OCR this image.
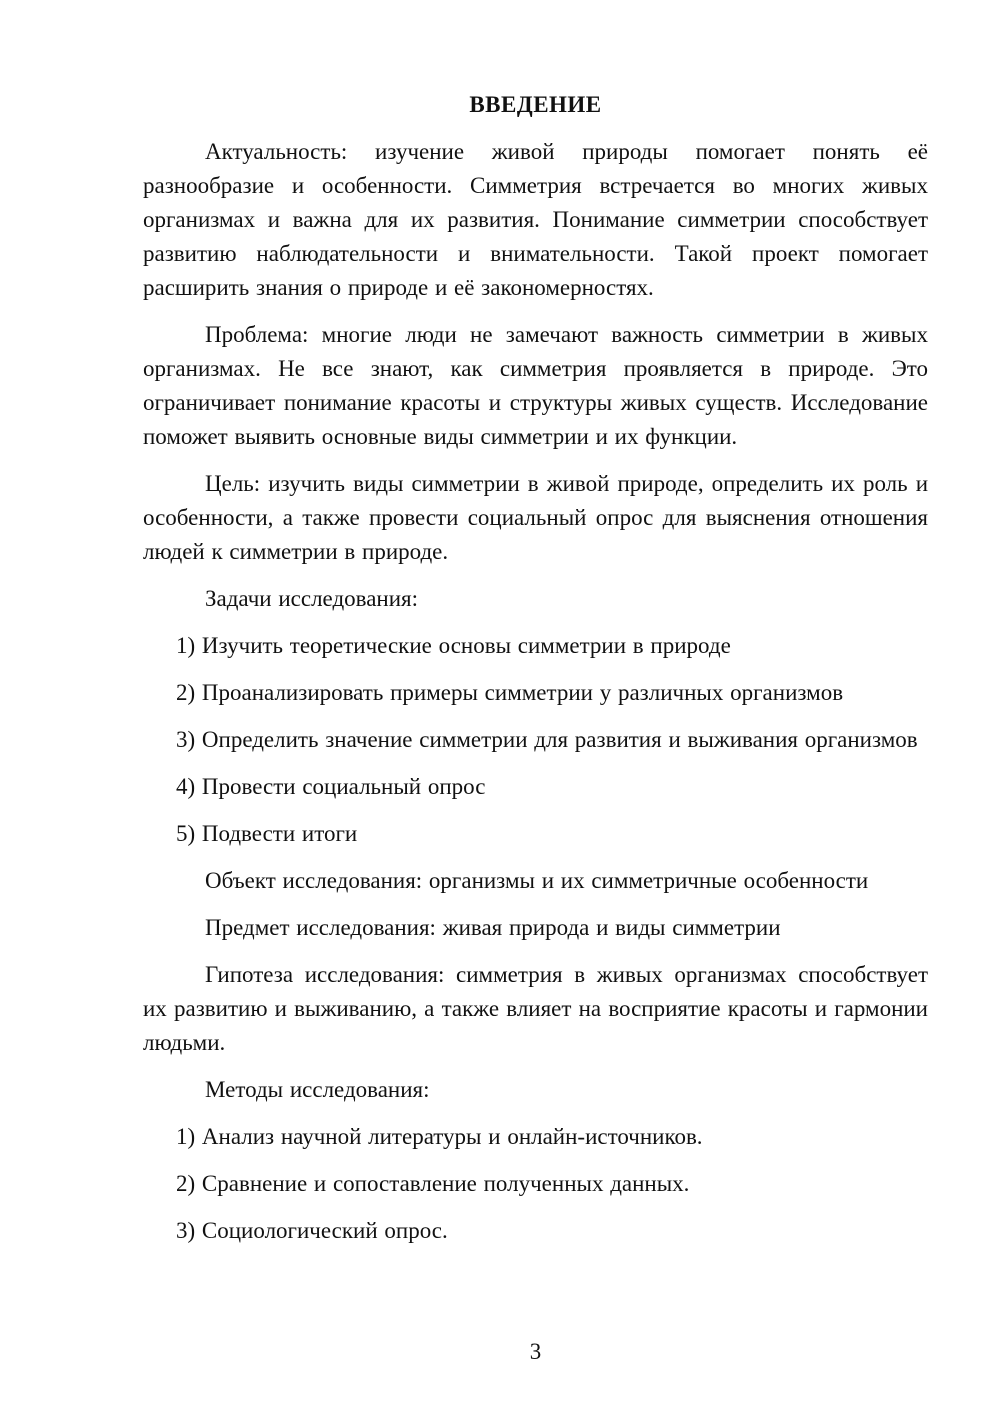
ВВЕДЕНИЕ

Актуальность: изучение живой природы помогает понять её разнообразие и особенности. Симметрия встречается во многих живых организмах и важна для их развития. Понимание симметрии способствует развитию наблюдательности и внимательности. Такой проект помогает расширить знания о природе и её закономерностях.

Проблема: многие люди не замечают важность симметрии в живых организмах. Не все знают, как симметрия проявляется в природе. Это ограничивает понимание красоты и структуры живых существ. Исследование поможет выявить основные виды симметрии и их функции.

Цель: изучить виды симметрии в живой природе, определить их роль и особенности, а также провести социальный опрос для выяснения отношения людей к симметрии в природе.

Задачи исследования:

1) Изучить теоретические основы симметрии в природе

2) Проанализировать примеры симметрии у различных организмов

3) Определить значение симметрии для развития и выживания организмов

4) Провести социальный опрос

5) Подвести итоги

Объект исследования: организмы и их симметричные особенности

Предмет исследования: живая природа и виды симметрии

Гипотеза исследования: симметрия в живых организмах способствует их развитию и выживанию, а также влияет на восприятие красоты и гармонии людьми.

Методы исследования:

1) Анализ научной литературы и онлайн-источников.

2) Сравнение и сопоставление полученных данных.

3) Социологический опрос.

3
